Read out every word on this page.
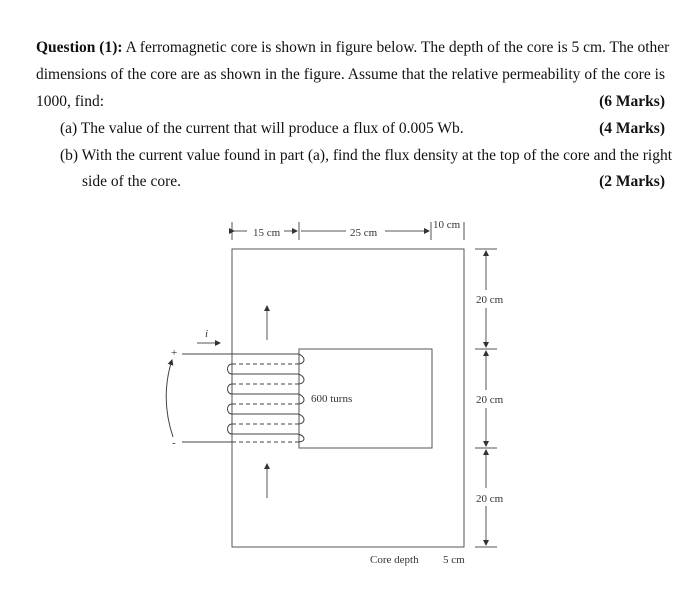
Question (1): A ferromagnetic core is shown in figure below. The depth of the core is 5 cm. The other
dimensions of the core are as shown in the figure. Assume that the relative permeability of the core is
1000, find:	(6 Marks)
(a) The value of the current that will produce a flux of 0.005 Wb.	(4 Marks)
(b) With the current value found in part (a), find the flux density at the top of the core and the right
side of the core.	(2 Marks)
15 cm	25 cm
10 cm
20 cm
20 cm
20 cm
i
+
-
600 turns
Core depth 5 cm
